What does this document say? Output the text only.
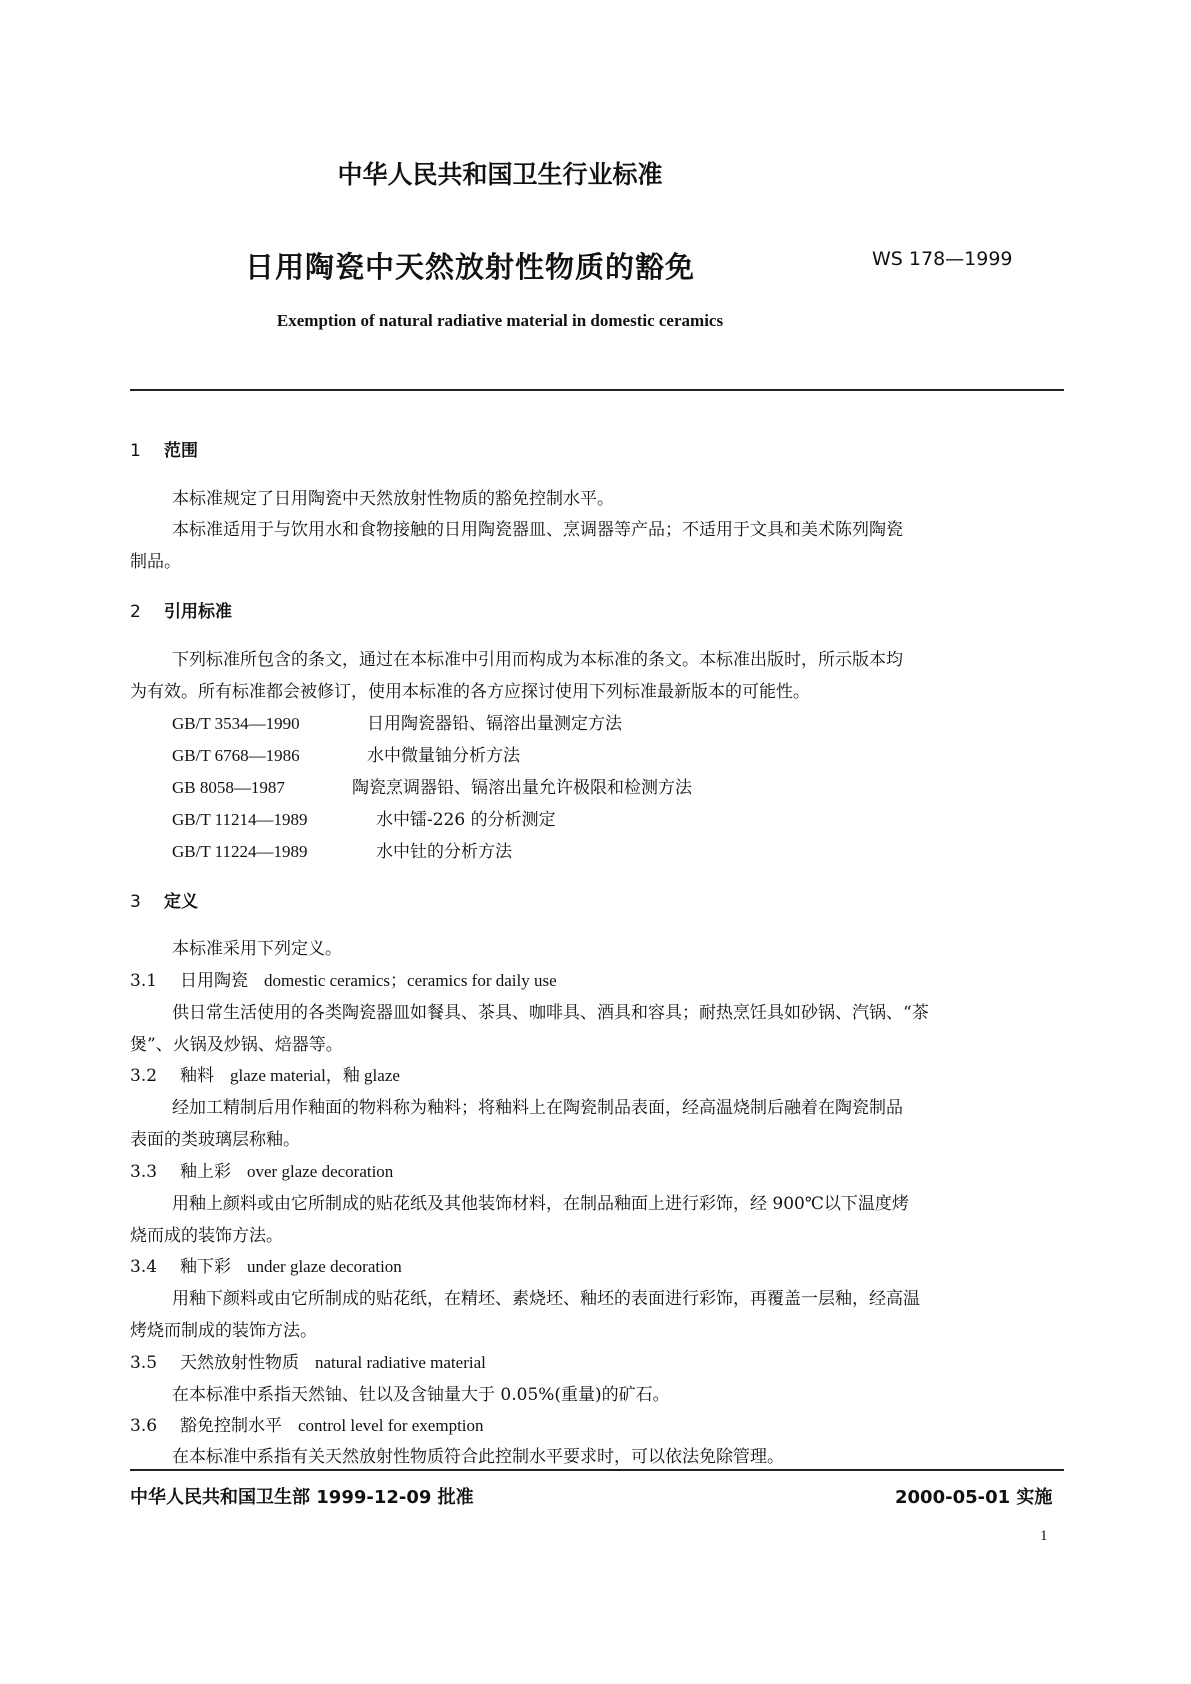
中华人民共和国卫生行业标准
日用陶瓷中天然放射性物质的豁免	WS 178—1999
Exemption of natural radiative material in domestic ceramics
1 范围
本标准规定了日用陶瓷中天然放射性物质的豁免控制水平。
本标准适用于与饮用水和食物接触的日用陶瓷器皿、烹调器等产品；不适用于文具和美术陈列陶瓷
制品。
2 引用标准
下列标准所包含的条文，通过在本标准中引用而构成为本标准的条文。本标准出版时，所示版本均
为有效。所有标准都会被修订，使用本标准的各方应探讨使用下列标准最新版本的可能性。
GB/T 3534—1990	日用陶瓷器铅、镉溶出量测定方法
GB/T 6768—1986	水中微量铀分析方法
GB 8058—1987	陶瓷烹调器铅、镉溶出量允许极限和检测方法
GB/T 11214—1989	水中镭-226 的分析测定
GB/T 11224—1989	水中钍的分析方法
3 定义
本标准采用下列定义。
3.1 日用陶瓷 domestic ceramics；ceramics for daily use
供日常生活使用的各类陶瓷器皿如餐具、茶具、咖啡具、酒具和容具；耐热烹饪具如砂锅、汽锅、“茶
煲”、火锅及炒锅、焙器等。
3.2 釉料 glaze material，釉 glaze
经加工精制后用作釉面的物料称为釉料；将釉料上在陶瓷制品表面，经高温烧制后融着在陶瓷制品
表面的类玻璃层称釉。
3.3 釉上彩 over glaze decoration
用釉上颜料或由它所制成的贴花纸及其他装饰材料，在制品釉面上进行彩饰，经 900℃以下温度烤
烧而成的装饰方法。
3.4 釉下彩 under glaze decoration
用釉下颜料或由它所制成的贴花纸，在精坯、素烧坯、釉坯的表面进行彩饰，再覆盖一层釉，经高温
烤烧而制成的装饰方法。
3.5 天然放射性物质 natural radiative material
在本标准中系指天然铀、钍以及含铀量大于 0.05%(重量)的矿石。
3.6 豁免控制水平 control level for exemption
在本标准中系指有关天然放射性物质符合此控制水平要求时，可以依法免除管理。
中华人民共和国卫生部 1999-12-09 批准	2000-05-01 实施
1
